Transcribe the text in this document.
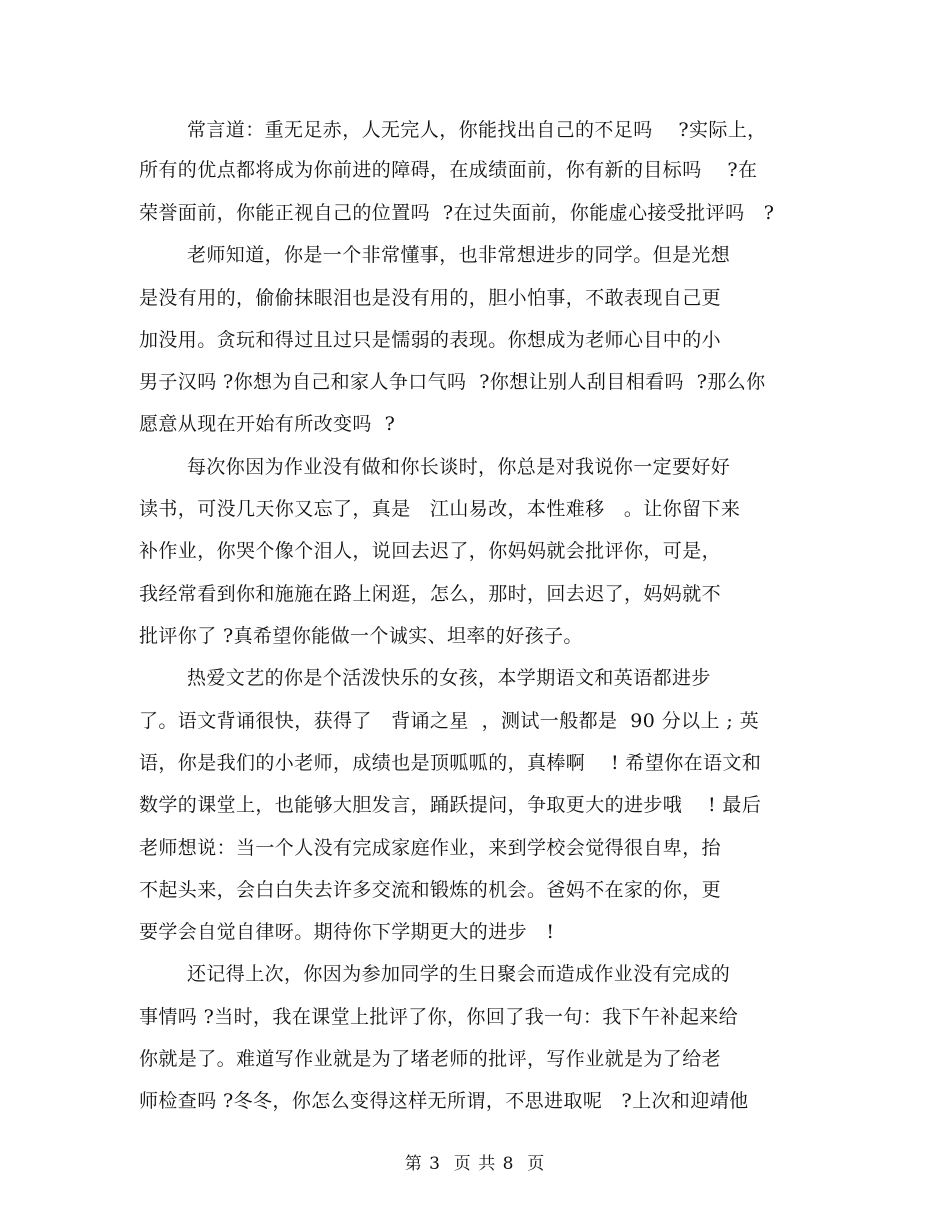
常言道：重无足赤，人无完人，你能找出自己的不足吗    ?实际上，
所有的优点都将成为你前进的障碍，在成绩面前，你有新的目标吗    ?在
荣誉面前，你能正视自己的位置吗  ?在过失面前，你能虚心接受批评吗   ?
老师知道，你是一个非常懂事，也非常想进步的同学。但是光想
是没有用的，偷偷抹眼泪也是没有用的，胆小怕事，不敢表现自己更
加没用。贪玩和得过且过只是懦弱的表现。你想成为老师心目中的小
男子汉吗 ?你想为自己和家人争口气吗  ?你想让别人刮目相看吗  ?那么你
愿意从现在开始有所改变吗  ?
每次你因为作业没有做和你长谈时，你总是对我说你一定要好好
读书，可没几天你又忘了，真是   江山易改，本性难移   。让你留下来
补作业，你哭个像个泪人，说回去迟了，你妈妈就会批评你，可是，
我经常看到你和施施在路上闲逛，怎么，那时，回去迟了，妈妈就不
批评你了 ?真希望你能做一个诚实、坦率的好孩子。
热爱文艺的你是个活泼快乐的女孩，本学期语文和英语都进步
了。语文背诵很快，获得了   背诵之星  ，测试一般都是  90 分以上 ; 英
语，你是我们的小老师，成绩也是顶呱呱的，真棒啊    ! 希望你在语文和
数学的课堂上，也能够大胆发言，踊跃提问，争取更大的进步哦    ! 最后
老师想说：当一个人没有完成家庭作业，来到学校会觉得很自卑，抬
不起头来，会白白失去许多交流和锻炼的机会。爸妈不在家的你，更
要学会自觉自律呀。期待你下学期更大的进步   !
还记得上次，你因为参加同学的生日聚会而造成作业没有完成的
事情吗 ?当时，我在课堂上批评了你，你回了我一句：我下午补起来给
你就是了。难道写作业就是为了堵老师的批评，写作业就是为了给老
师检查吗 ?冬冬，你怎么变得这样无所谓，不思进取呢   ?上次和迎靖他
第 3  页 共 8  页
